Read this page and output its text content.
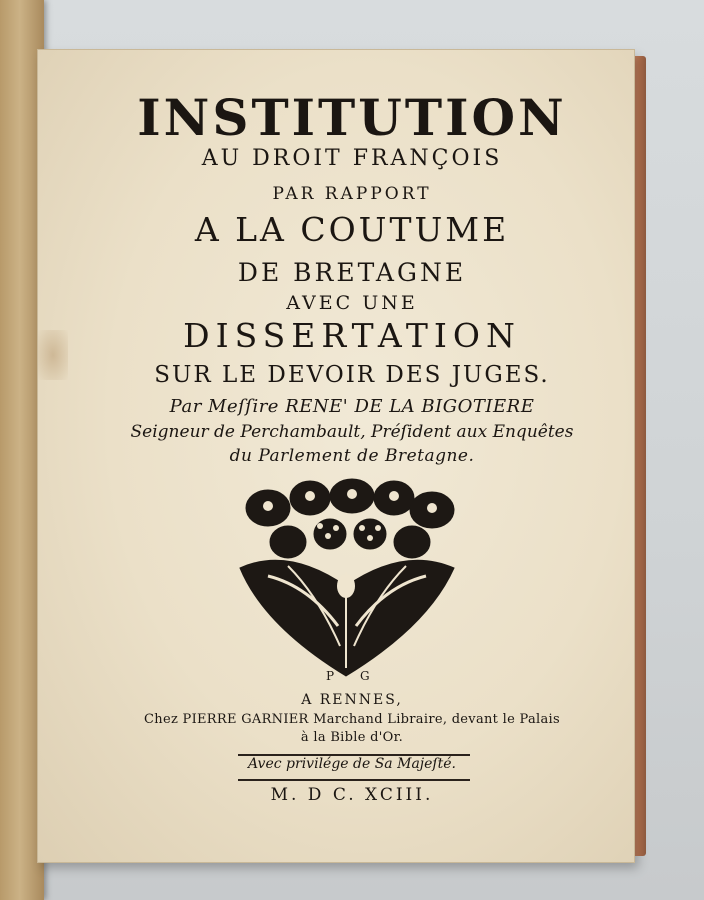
INSTITUTION
AU DROIT FRANÇOIS
PAR RAPPORT
A LA COUTUME
DE BRETAGNE
AVEC UNE
DISSERTATION
SUR LE DEVOIR DES JUGES.
Par Meſſire RENE' DE LA BIGOTIERE
Seigneur de Perchambault, Préſident aux Enquêtes
du Parlement de Bretagne.
P G
A RENNES,
Chez PIERRE GARNIER Marchand Libraire, devant le Palais
à la Bible d'Or.
Avec privilége de Sa Majeſté.
M. D C. XCIII.
